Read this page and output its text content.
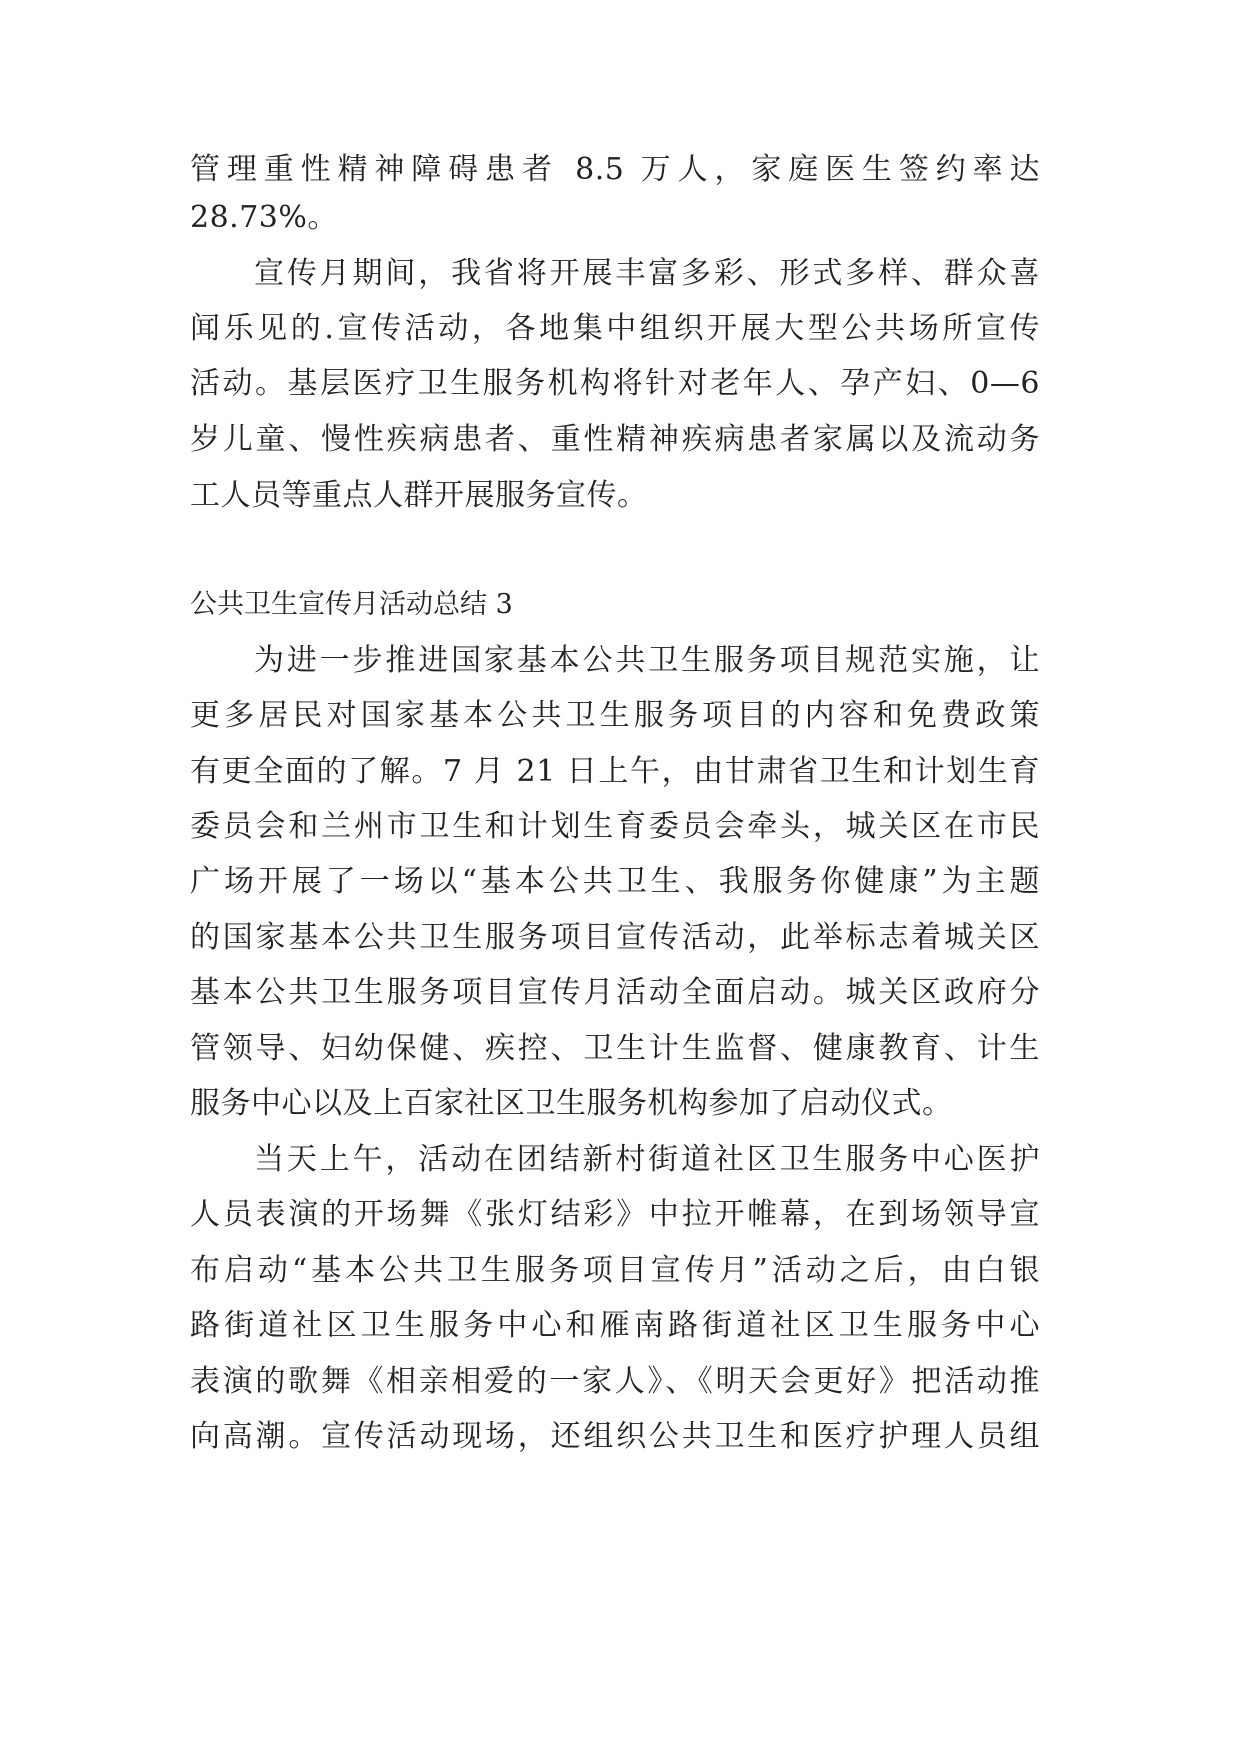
管理重性精神障碍患者 8.5 万人，家庭医生签约率达
28.73%。
宣传月期间，我省将开展丰富多彩、形式多样、群众喜
闻乐见的.宣传活动，各地集中组织开展大型公共场所宣传
活动。基层医疗卫生服务机构将针对老年人、孕产妇、0—6
岁儿童、慢性疾病患者、重性精神疾病患者家属以及流动务
工人员等重点人群开展服务宣传。
公共卫生宣传月活动总结 3
为进一步推进国家基本公共卫生服务项目规范实施，让
更多居民对国家基本公共卫生服务项目的内容和免费政策
有更全面的了解。7 月 21 日上午，由甘肃省卫生和计划生育
委员会和兰州市卫生和计划生育委员会牵头，城关区在市民
广场开展了一场以“基本公共卫生、我服务你健康”为主题
的国家基本公共卫生服务项目宣传活动，此举标志着城关区
基本公共卫生服务项目宣传月活动全面启动。城关区政府分
管领导、妇幼保健、疾控、卫生计生监督、健康教育、计生
服务中心以及上百家社区卫生服务机构参加了启动仪式。
当天上午，活动在团结新村街道社区卫生服务中心医护
人员表演的开场舞《张灯结彩》中拉开帷幕，在到场领导宣
布启动“基本公共卫生服务项目宣传月”活动之后，由白银
路街道社区卫生服务中心和雁南路街道社区卫生服务中心
表演的歌舞《相亲相爱的一家人》、《明天会更好》把活动推
向高潮。宣传活动现场，还组织公共卫生和医疗护理人员组
